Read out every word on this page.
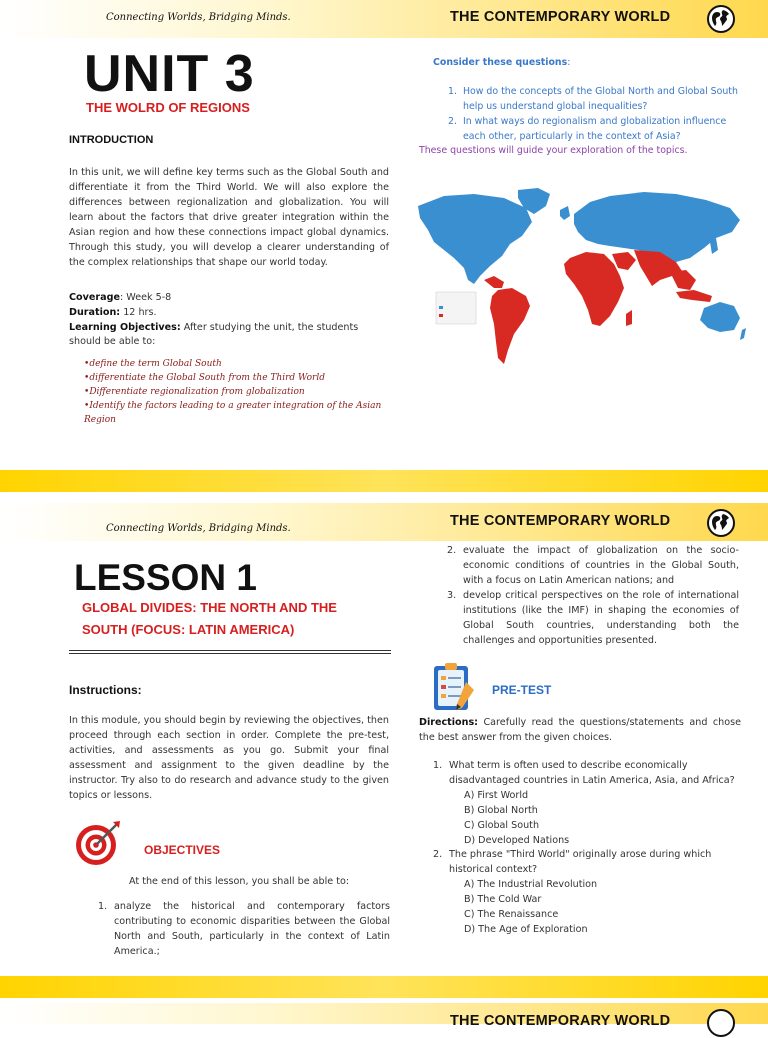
Connecting Worlds, Bridging Minds.	THE CONTEMPORARY WORLD
UNIT 3
THE WOLRD OF REGIONS
INTRODUCTION

In this unit, we will define key terms such as the Global South and differentiate it from the Third World. We will also explore the differences between regionalization and globalization. You will learn about the factors that drive greater integration within the Asian region and how these connections impact global dynamics. Through this study, you will develop a clearer understanding of the complex relationships that shape our world today.

Coverage: Week 5-8
Duration: 12 hrs.
Learning Objectives: After studying the unit, the students should be able to:
•define the term Global South
•differentiate the Global South from the Third World
•Differentiate regionalization from globalization
•Identify the factors leading to a greater integration of the Asian Region
Consider these questions:
1. How do the concepts of the Global North and Global South help us understand global inequalities?
2. In what ways do regionalism and globalization influence each other, particularly in the context of Asia?
These questions will guide your exploration of the topics.
Connecting Worlds, Bridging Minds.	THE CONTEMPORARY WORLD
LESSON 1
GLOBAL DIVIDES: THE NORTH AND THE
SOUTH (FOCUS: LATIN AMERICA)
Instructions:

In this module, you should begin by reviewing the objectives, then proceed through each section in order. Complete the pre-test, activities, and assessments as you go. Submit your final assessment and assignment to the given deadline by the instructor. Try also to do research and advance study to the given topics or lessons.

OBJECTIVES
At the end of this lesson, you shall be able to:
1. analyze the historical and contemporary factors contributing to economic disparities between the Global North and South, particularly in the context of Latin America.;
2. evaluate the impact of globalization on the socio-economic conditions of countries in the Global South, with a focus on Latin American nations; and
3. develop critical perspectives on the role of international institutions (like the IMF) in shaping the economies of Global South countries, understanding both the challenges and opportunities presented.
PRE-TEST
Directions: Carefully read the questions/statements and chose the best answer from the given choices.
1. What term is often used to describe economically disadvantaged countries in Latin America, Asia, and Africa?
A) First World
B) Global North
C) Global South
D) Developed Nations
2. The phrase "Third World" originally arose during which historical context?
A) The Industrial Revolution
B) The Cold War
C) The Renaissance
D) The Age of Exploration
THE CONTEMPORARY WORLD
